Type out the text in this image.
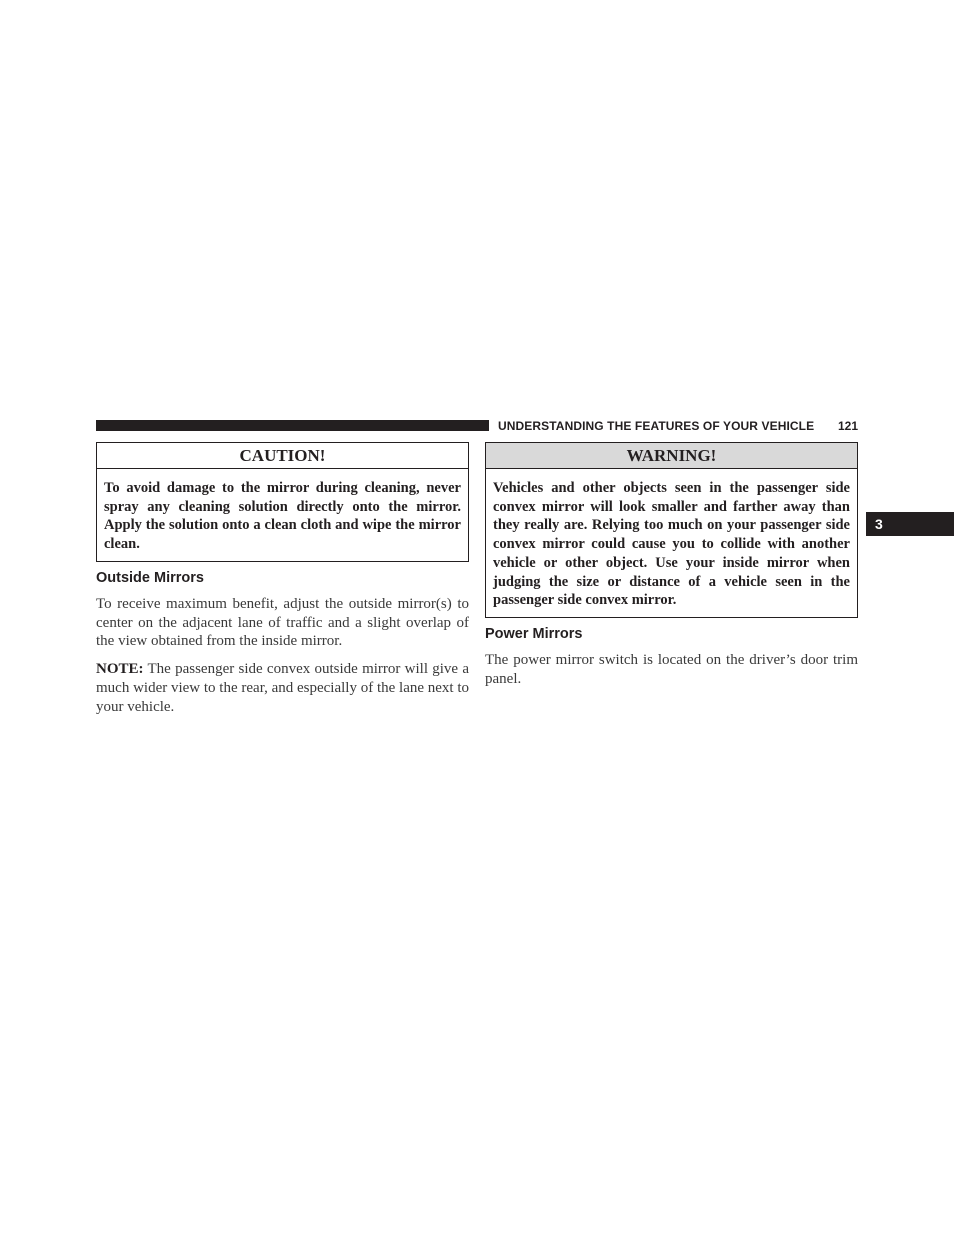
UNDERSTANDING THE FEATURES OF YOUR VEHICLE 121
3
CAUTION!
To avoid damage to the mirror during cleaning, never spray any cleaning solution directly onto the mirror. Apply the solution onto a clean cloth and wipe the mirror clean.
Outside Mirrors

To receive maximum benefit, adjust the outside mirror(s) to center on the adjacent lane of traffic and a slight overlap of the view obtained from the inside mirror.

NOTE: The passenger side convex outside mirror will give a much wider view to the rear, and especially of the lane next to your vehicle.

WARNING!
Vehicles and other objects seen in the passenger side convex mirror will look smaller and farther away than they really are. Relying too much on your passenger side convex mirror could cause you to collide with another vehicle or other object. Use your inside mirror when judging the size or distance of a vehicle seen in the passenger side convex mirror.
Power Mirrors

The power mirror switch is located on the driver’s door trim panel.
